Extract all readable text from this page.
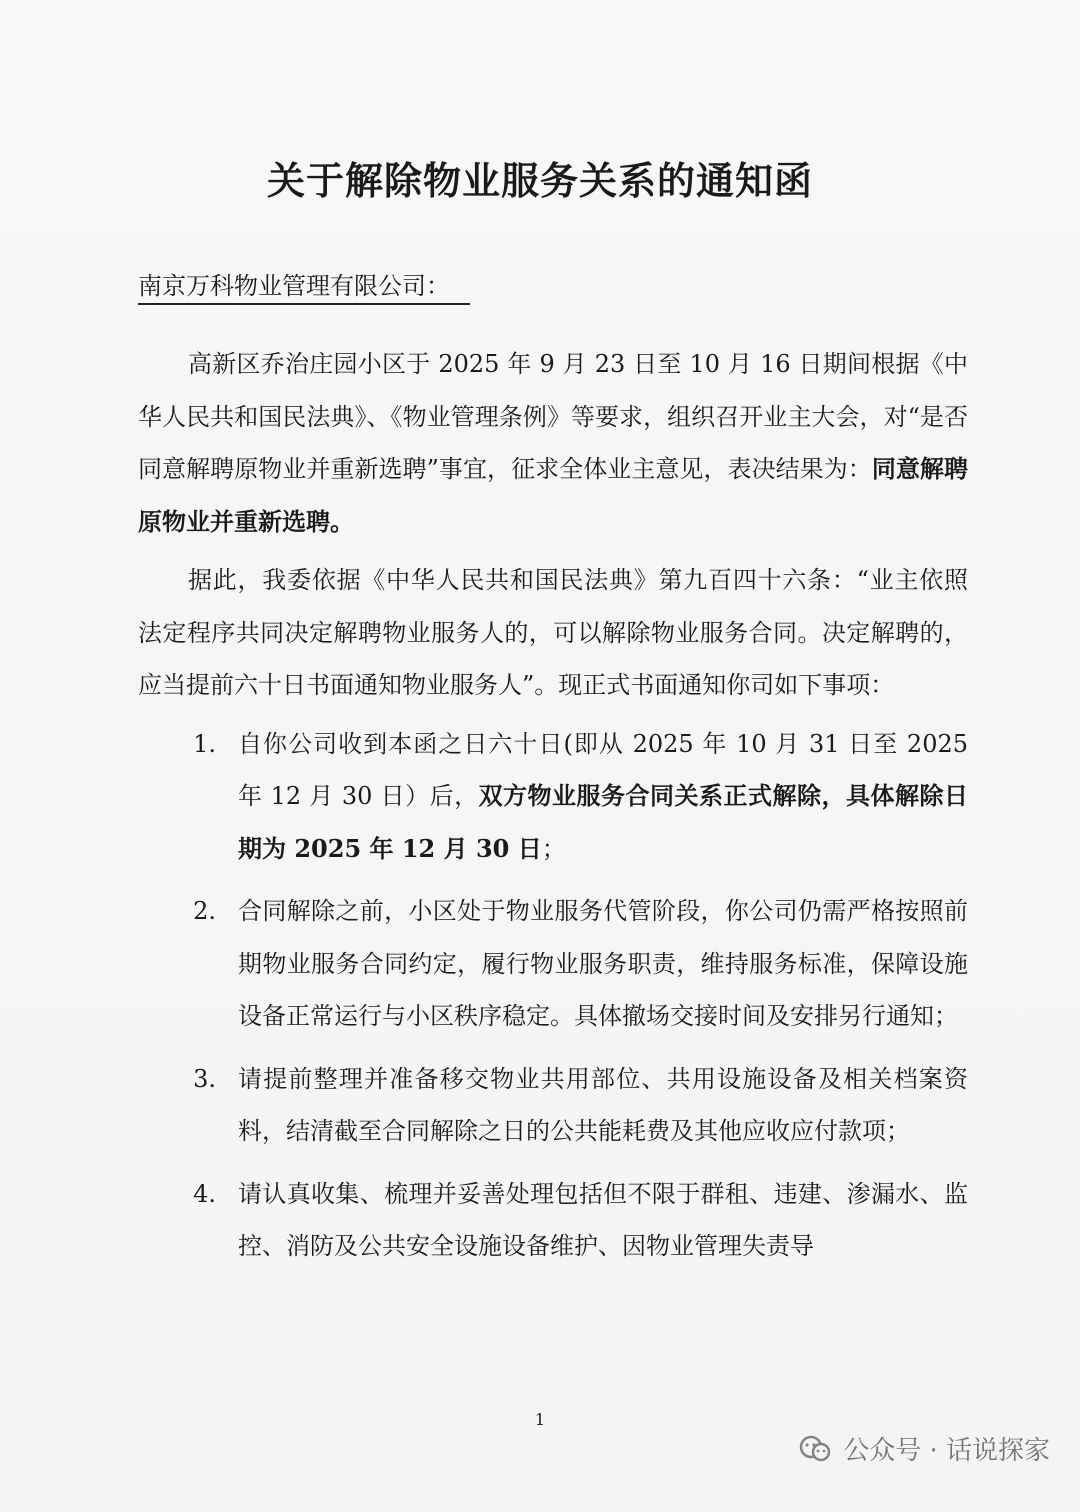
关于解除物业服务关系的通知函
南京万科物业管理有限公司：

高新区乔治庄园小区于 2025 年 9 月 23 日至 10 月 16 日期间根据《中华人民共和国民法典》、《物业管理条例》等要求，组织召开业主大会，对“是否同意解聘原物业并重新选聘”事宜，征求全体业主意见，表决结果为：同意解聘原物业并重新选聘。

据此，我委依据《中华人民共和国民法典》第九百四十六条：“业主依照法定程序共同决定解聘物业服务人的，可以解除物业服务合同。决定解聘的，应当提前六十日书面通知物业服务人”。现正式书面通知你司如下事项：

1. 自你公司收到本函之日六十日(即从 2025 年 10 月 31 日至 2025 年 12 月 30 日）后，双方物业服务合同关系正式解除，具体解除日期为 2025 年 12 月 30 日；
2. 合同解除之前，小区处于物业服务代管阶段，你公司仍需严格按照前期物业服务合同约定，履行物业服务职责，维持服务标准，保障设施设备正常运行与小区秩序稳定。具体撤场交接时间及安排另行通知；
3. 请提前整理并准备移交物业共用部位、共用设施设备及相关档案资料，结清截至合同解除之日的公共能耗费及其他应收应付款项；
4. 请认真收集、梳理并妥善处理包括但不限于群租、违建、渗漏水、监控、消防及公共安全设施设备维护、因物业管理失责导
1
公众号 · 话说探家
